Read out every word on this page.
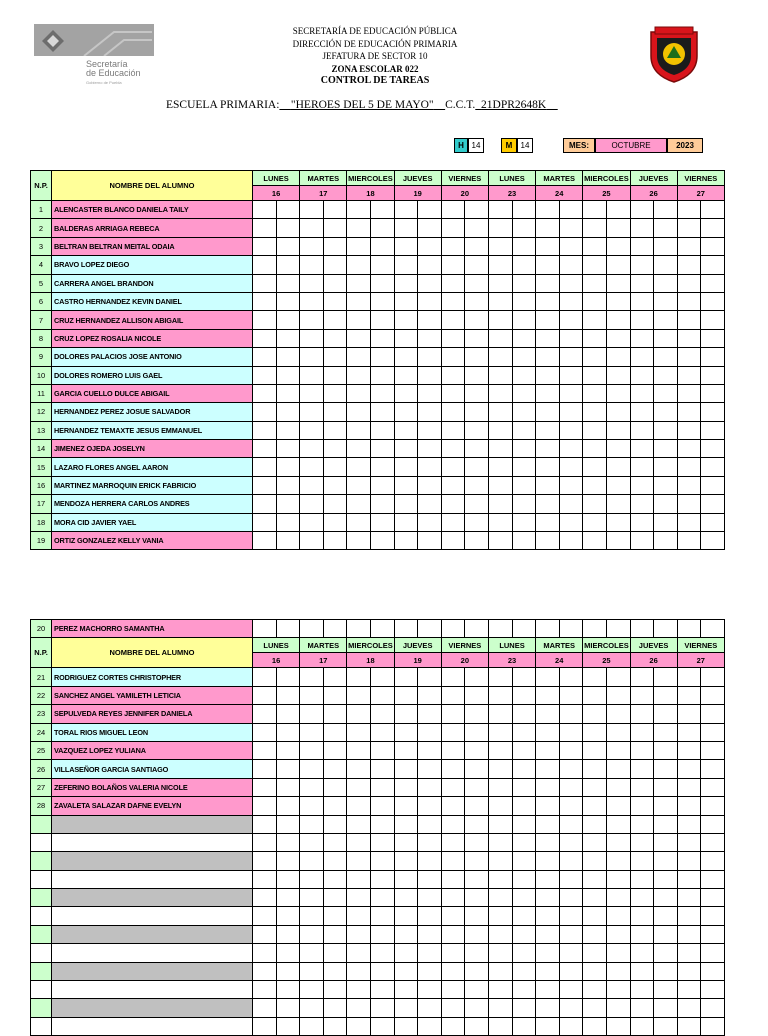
Secretaría
de Educación
Gobierno de Puebla
SECRETARÍA DE EDUCACIÓN PÚBLICA
DIRECCIÓN DE EDUCACIÓN PRIMARIA
JEFATURA DE SECTOR 10
ZONA ESCOLAR 022
CONTROL DE TAREAS
ESCUELA PRIMARIA: "HEROES DEL 5 DE MAYO" C.C.T. 21DPR2648K
H 14	M	14	MES:	OCTUBRE	2023
N.P.	NOMBRE DEL ALUMNO	LUNES		MARTES		MIERCOLES		JUEVES		VIERNES		LUNES		MARTES		MIERCOLES		JUEVES		VIERNES	
		16		17		18		19		20		23		24		25		26		27	
1	ALENCASTER BLANCO DANIELA TAILY																				
2	BALDERAS ARRIAGA REBECA																				
3	BELTRAN BELTRAN MEITAL ODAIA																				
4	BRAVO LOPEZ DIEGO																				
5	CARRERA ANGEL BRANDON																				
6	CASTRO HERNANDEZ KEVIN DANIEL																				
7	CRUZ HERNANDEZ ALLISON ABIGAIL																				
8	CRUZ LOPEZ ROSALIA NICOLE																				
9	DOLORES PALACIOS JOSE ANTONIO																				
10	DOLORES ROMERO LUIS GAEL																				
11	GARCIA CUELLO DULCE ABIGAIL																				
12	HERNANDEZ PEREZ JOSUE SALVADOR																				
13	HERNANDEZ TEMAXTE JESUS EMMANUEL																				
14	JIMENEZ OJEDA JOSELYN																				
15	LAZARO FLORES ANGEL AARON																				
16	MARTINEZ MARROQUIN ERICK FABRICIO																				
17	MENDOZA HERRERA CARLOS ANDRES																				
18	MORA CID JAVIER YAEL																				
19	ORTIZ GONZALEZ KELLY VANIA																				
20	PEREZ MACHORRO SAMANTHA																				
N.P.	NOMBRE DEL ALUMNO	LUNES		MARTES		MIERCOLES		JUEVES		VIERNES		LUNES		MARTES		MIERCOLES		JUEVES		VIERNES	
		16		17		18		19		20		23		24		25		26		27	
21	RODRIGUEZ CORTES CHRISTOPHER																				
22	SANCHEZ ANGEL YAMILETH LETICIA																				
23	SEPULVEDA REYES JENNIFER DANIELA																				
24	TORAL RIOS MIGUEL LEON																				
25	VAZQUEZ LOPEZ YULIANA																				
26	VILLASEÑOR GARCIA SANTIAGO																				
27	ZEFERINO BOLAÑOS VALERIA NICOLE																				
28	ZAVALETA SALAZAR DAFNE EVELYN																				
